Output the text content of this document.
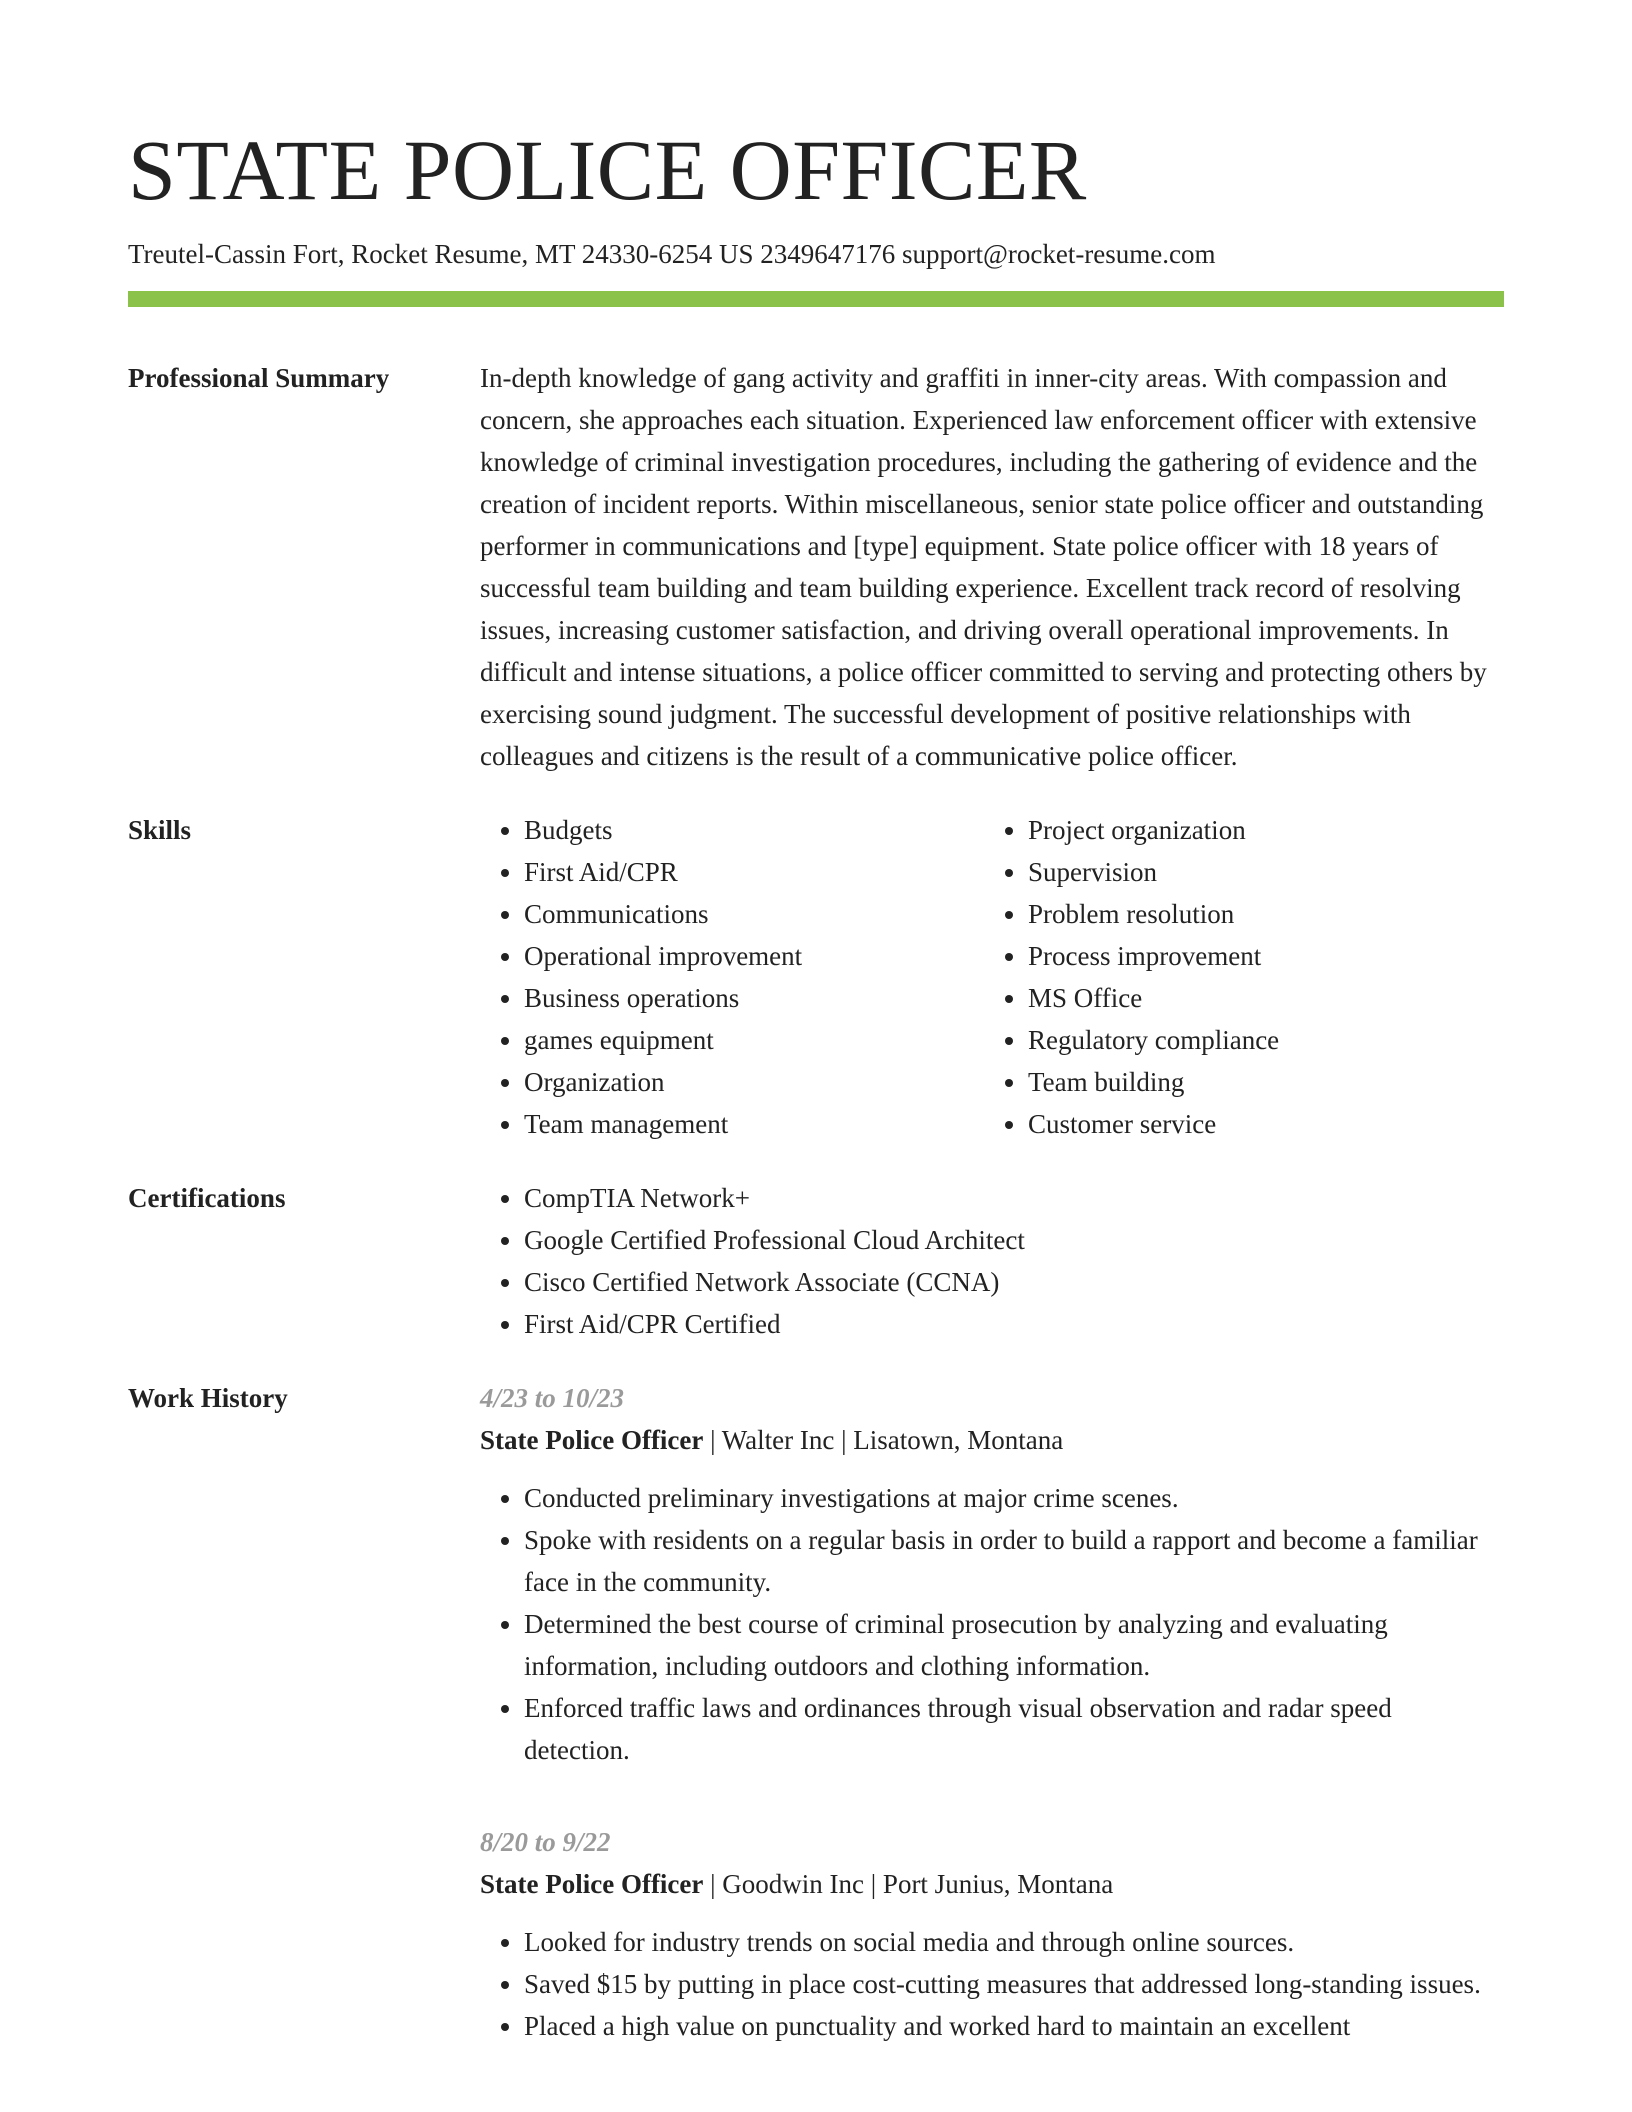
STATE POLICE OFFICER
Treutel-Cassin Fort, Rocket Resume, MT 24330-6254 US 2349647176 support@rocket-resume.com
Professional Summary	In-depth knowledge of gang activity and graffiti in inner-city areas. With compassion and concern, she approaches each situation. Experienced law enforcement officer with extensive knowledge of criminal investigation procedures, including the gathering of evidence and the creation of incident reports. Within miscellaneous, senior state police officer and outstanding performer in communications and [type] equipment. State police officer with 18 years of successful team building and team building experience. Excellent track record of resolving issues, increasing customer satisfaction, and driving overall operational improvements. In difficult and intense situations, a police officer committed to serving and protecting others by exercising sound judgment. The successful development of positive relationships with colleagues and citizens is the result of a communicative police officer.

Skills	• Budgets
• First Aid/CPR
• Communications
• Operational improvement
• Business operations
• games equipment
• Organization
• Team management
• Project organization
• Supervision
• Problem resolution
• Process improvement
• MS Office
• Regulatory compliance
• Team building
• Customer service
Certifications	• CompTIA Network+
• Google Certified Professional Cloud Architect
• Cisco Certified Network Associate (CCNA)
• First Aid/CPR Certified
Work History	4/23 to 10/23
State Police Officer | Walter Inc | Lisatown, Montana
• Conducted preliminary investigations at major crime scenes.
• Spoke with residents on a regular basis in order to build a rapport and become a familiar face in the community.
• Determined the best course of criminal prosecution by analyzing and evaluating information, including outdoors and clothing information.
• Enforced traffic laws and ordinances through visual observation and radar speed detection.
8/20 to 9/22
State Police Officer | Goodwin Inc | Port Junius, Montana
• Looked for industry trends on social media and through online sources.
• Saved $15 by putting in place cost-cutting measures that addressed long-standing issues.
• Placed a high value on punctuality and worked hard to maintain an excellent
